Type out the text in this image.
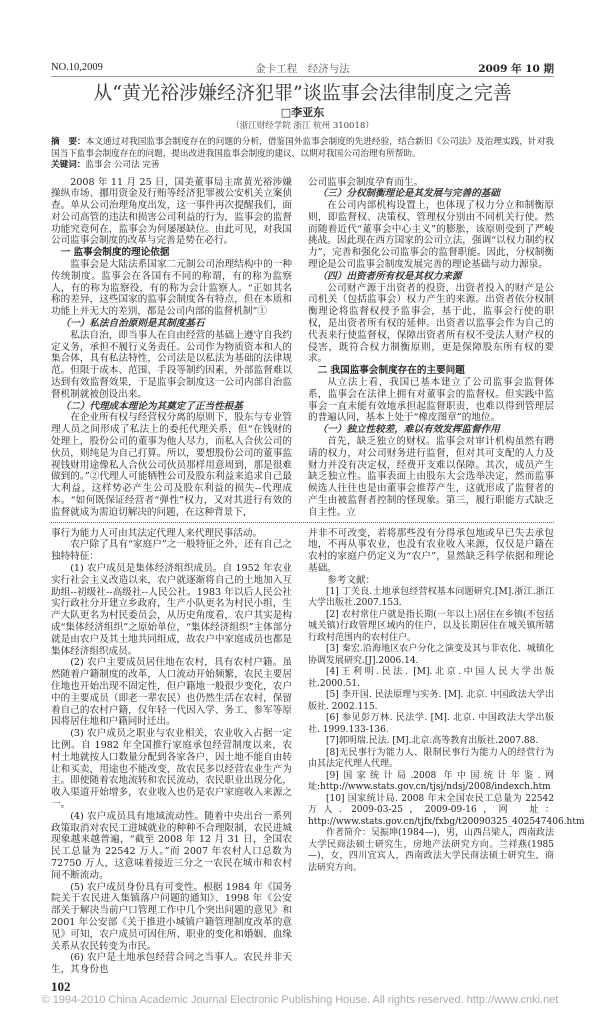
NO.10,2009	金卡工程　经济与法	2009 年 10 期
从“黄光裕涉嫌经济犯罪”谈监事会法律制度之完善
□李亚东
（浙江财经学院 浙江 杭州 310018）
摘　要：本文通过对我国监事会制度存在的问题的分析，借鉴国外监事会制度的先进经验，结合新旧《公司法》及治理实践，针对我国当下监事会制度存在的问题，提出改进我国监事会制度的建议，以期对我国公司治理有所帮助。
关键词：监事会 公司法 完善

2008 年 11 月 25 日，国美董事局主席黄光裕涉嫌操纵市场、挪用资金及行贿等经济犯罪被公安机关立案侦查。单从公司治理角度出发，这一事件再次提醒我们，面对公司高管的违法和损害公司利益的行为，监事会的监督功能究竟何在，监事会为何屡屡缺位。由此可见，对我国公司监事会制度的改革与完善是势在必行。

一 监事会制度的理论依据

监事会是大陆法系国家二元制公司治理结构中的一种传统制度。监事会在各国有不同的称谓，有的称为监察人，有的称为监察役，有的称为会计监察人。“正如其名称的差异，这些国家的监事会制度各有特点，但在本质和功能上并无大的差别，都是公司内部的监督机制”①

（一）私法自治原则是其制度基石

私法自治，即当事人在自由经营的基础上遵守自我约定义务，承担不履行义务责任。公司作为物质资本和人的集合体，具有私法特性，公司法是以私法为基础的法律规范。但限于成本、范围、手段等制约因素，外部监督难以达到有效监督效果，于是监事会制度这一公司内部自治监督机制就被创设出来。

（二）代理成本理论为其奠定了正当性根基

在企业所有权与经营权分离的原则下，股东与专业管理人员之间形成了私法上的委托代理关系，但“在钱财的处理上，股份公司的董事为他人尽力，而私人合伙公司的伙员，则纯是为自己打算。所以，要想股份公司的董事监视钱财用途像私人合伙公司伙员那样用意周到，那是很难做到的。”②代理人可能牺牲公司及股东利益来追求自己最大利益，这样势必产生公司及股东利益的损失--代理成本。“如何既保证经营者“弹性”权力，又对其进行有效的监督就成为需迫切解决的问题，在这种背景下，

公司监事会制度孕育而生。

（三）分权制衡理论是其发展与完善的基础

在公司内部机构设置上，也体现了权力分立和制衡原则，即监督权、决策权、管理权分别由不同机关行使。然而随着近代“董事会中心主义”的膨胀，该原则受到了严峻挑战。因此现在西方国家的公司立法，强调“以权力制约权力”，完善和强化公司监事会的监督职能。因此，分权制衡理论是公司监事会制度发展完善的理论基础与动力源泉。

（四）出资者所有权是其权力来源

公司财产源于出资者的投资，出资者投入的财产是公司机关（包括监事会）权力产生的来源。出资者依分权制衡理论将监督权授予监事会，基于此，监事会行使的职权，是出资者所有权的延伸。出资者以监事会作为自己的代表来行使监督权，保障出资者所有权不受法人财产权的侵害，既符合权力制衡原则，更是保障股东所有权的要求。

二 我国监事会制度存在的主要问题

从立法上看，我国已基本建立了公司监事会监督体系，监事会在法律上拥有对董事会的监督权。但实践中监事会一直未能有效地承担起监督职责，也难以得到管理层的普遍认同，基本上处于“橡皮图章”的地位。

（一）独立性较差，难以有效发挥监督作用

首先，缺乏独立的财权。监事会对审计机构虽然有聘请的权力，对公司财务进行监督，但对其可支配的人力及财力并没有决定权，经费开支难以保障。其次，成员产生缺乏独立性。监事表面上由股东大会选举决定，然而监事候选人往往也是由董事会推荐产生，这就形成了监督者的产生由被监督者控制的怪现象。第三，履行职能方式缺乏自主性。立

事行为能力人可由其法定代理人来代理民事活动。

农户除了具有“家庭户”之一般特征之外，还有自己之独特特征：

(1) 农户成员是集体经济组织成员。自 1952 年农业实行社会主义改造以来，农户就逐渐将自己的土地加入互助组--初级社--高级社--人民公社。1983 年以后人民公社实行政社分开建立乡政府，生产小队更名为村民小组，生产大队更名为村民委员会，从历史角度看，农户其实是构成“集体经济组织”之原始单位，“集体经济组织”主体部分就是由农户及其土地共同组成，故农户中家庭成员也都是集体经济组织成员。

(2) 农户主要成员居住地在农村，具有农村户籍。虽然随着户籍制度的改革，人口流动开始频繁，农民主要居住地也开始出现不固定性，但户籍地一般很少变化，农户中的主要成员（即老一辈农民）也仍然生活在农村，保留着自己的农村户籍，仅年轻一代因入学、务工、参军等原因将居住地和户籍同时迁出。

(3) 农户成员之职业与农业相关，农业收入占据一定比例。自 1982 年全国推行家庭承包经营制度以来，农村土地就按人口数量分配到各家各户，因土地不能自由转让和买卖，用途也不能改变，故农民多以经营农业生产为主。即使随着农地流转和农民流动，农民职业出现分化，收入渠道开始增多，农业收入也仍是农户家庭收入来源之一。

(4) 农户成员具有地域流动性。随着中央出台一系列政策取消对农民工进城就业的种种不合理限制，农民进城现象越来越普遍，“截至 2008 年 12 月 31 日，全国农民工总量为 22542 万人。”而 2007 年农村人口总数为 72750 万人，这意味着接近三分之一农民在城市和农村间不断流动。

(5) 农户成员身份具有可变性。根据 1984 年《国务院关于农民进入集镇落户问题的通知》、1998 年《公安部关于解决当前户口管理工作中几个突出问题的意见》和 2001 年公安部《关于推进小城镇户籍管理制度改革的意见》可知，农户成员可因住所、职业的变化和婚姻、血缘关系从农民转变为市民。

(6) 农户是土地承包经营合同之当事人。农民并非天生，其身份也

并非不可改变，若将那些没有分得承包地或早已失去承包地，不再从事农业，也没有农业收入来源，仅仅是户籍在农村的家庭户仍定义为“农户”，显然缺乏科学依据和理论基础。

参考文献：

[1] 丁关良.土地承包经营权基本问题研究.[M].浙江.浙江大学出版社.2007.153.

[2] 农村常住户就是指长期(一年以上)居住在乡镇(不包括城关镇)行政管理区域内的住户，以及长期居住在城关镇所辖行政村范围内的农村住户。

[3] 秦宏.沿海地区农户分化之演变及其与非农化、城镇化协调发展研究.[J].2006.14.

[4]王利明.民法. [M].北京.中国人民大学出版社.2000.51.

[5] 李开国. 民法原理与实务. [M]. 北京. 中国政法大学出版社. 2002.115.

[6] 参见彭万林. 民法学. [M]. 北京. 中国政法大学出版社. 1999.133-136.

[7]郭明瑞.民法. [M].北京.高等教育出版社.2007.88.

[8]无民事行为能力人、限制民事行为能力人的经营行为由其法定代理人代理。

[9]国家统计局.2008 年中国统计年鉴.网址:http://www.stats.gov.cn/tjsj/ndsj/2008/indexch.htm

[10] 国家统计局. 2008 年末全国农民工总量为 22542 万人. 2009-03-25，2009-09-16，网　址：http://www.stats.gov.cn/tjfx/fxbg/t20090325_402547406.htm

作者简介：吴振坤(1984—)，男，山西吕梁人，西南政法大学民商法硕士研究生，房地产法研究方向。兰祥燕(1985—)，女，四川宜宾人，西南政法大学民商法硕士研究生，商法研究方向。

102
© 1994-2010 China Academic Journal Electronic Publishing House. All rights reserved. http://www.cnki.net
